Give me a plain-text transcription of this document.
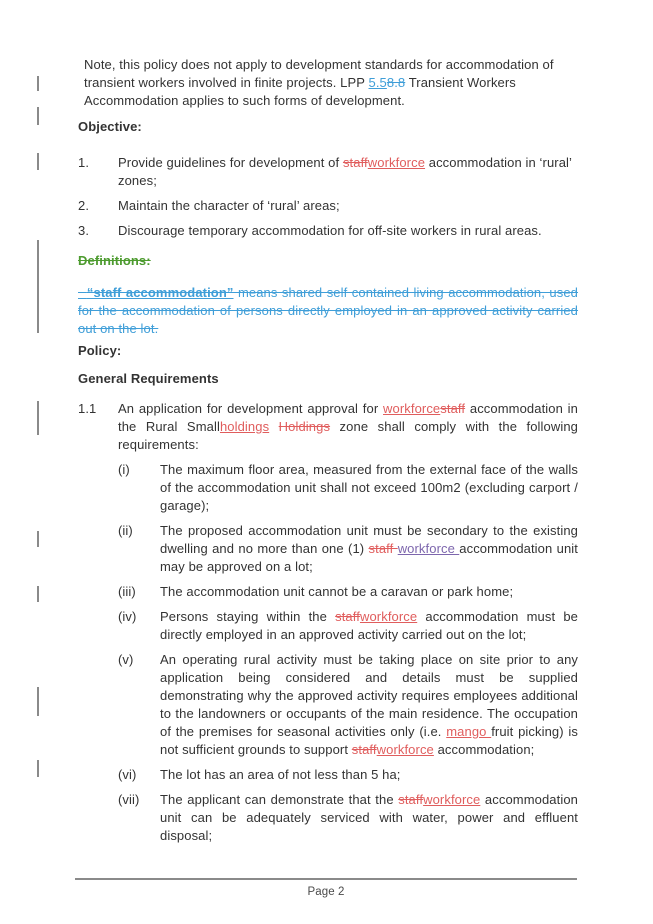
Note, this policy does not apply to development standards for accommodation of transient workers involved in finite projects. LPP 5.58.8 Transient Workers Accommodation applies to such forms of development.

Objective:

1.	Provide guidelines for development of staffworkforce accommodation in ‘rural’ zones;
2.	Maintain the character of ‘rural’ areas;
3.	Discourage temporary accommodation for off-site workers in rural areas.

Definitions:

“staff accommodation” means shared self contained living accommodation, used for the accommodation of persons directly employed in an approved activity carried out on the lot.

Policy:

General Requirements

1.1	An application for development approval for workforcestaff accommodation in the Rural Smallholdings Holdings zone shall comply with the following requirements:
(i)	The maximum floor area, measured from the external face of the walls of the accommodation unit shall not exceed 100m2 (excluding carport / garage);
(ii)	The proposed accommodation unit must be secondary to the existing dwelling and no more than one (1) staff workforce accommodation unit may be approved on a lot;
(iii)	The accommodation unit cannot be a caravan or park home;
(iv)	Persons staying within the staffworkforce accommodation must be directly employed in an approved activity carried out on the lot;
(v)	An operating rural activity must be taking place on site prior to any application being considered and details must be supplied demonstrating why the approved activity requires employees additional to the landowners or occupants of the main residence. The occupation of the premises for seasonal activities only (i.e. mango fruit picking) is not sufficient grounds to support staffworkforce accommodation;
(vi)	The lot has an area of not less than 5 ha;
(vii)	The applicant can demonstrate that the staffworkforce accommodation unit can be adequately serviced with water, power and effluent disposal;
Page 2
